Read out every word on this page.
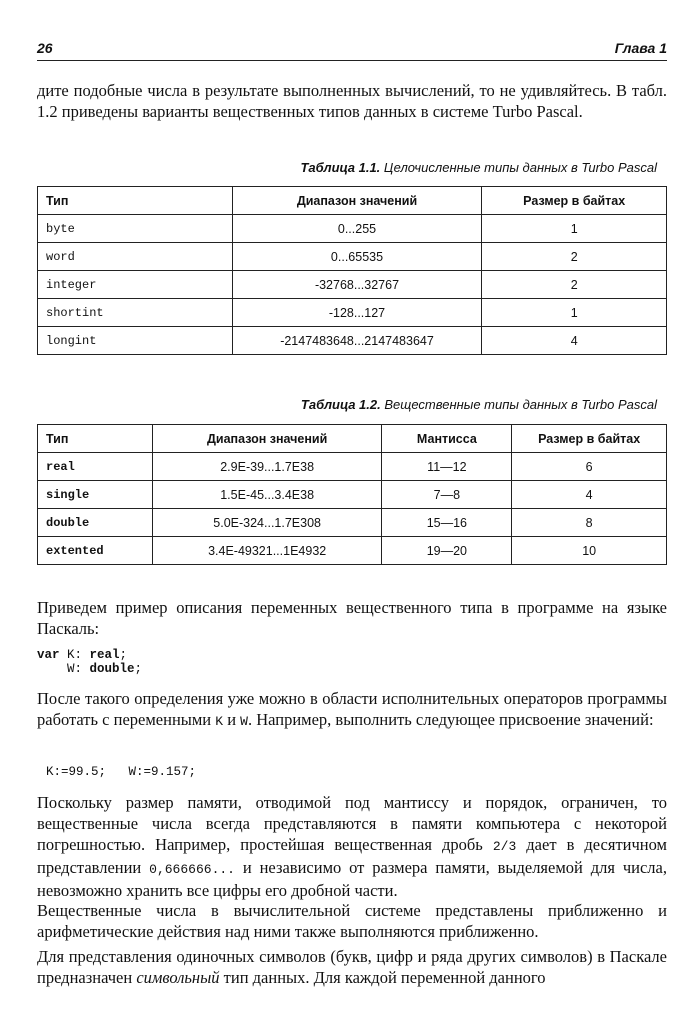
26	Глава 1

дите подобные числа в результате выполненных вычислений, то не удивляйтесь. В табл. 1.2 приведены варианты вещественных типов данных в системе Turbo Pascal.

Таблица 1.1. Целочисленные типы данных в Turbo Pascal
Тип	Диапазон значений	Размер в байтах
byte	0...255	1
word	0...65535	2
integer	-32768...32767	2
shortint	-128...127	1
longint	-2147483648...2147483647	4
Таблица 1.2. Вещественные типы данных в Turbo Pascal
Тип	Диапазон значений	Мантисса	Размер в байтах
real	2.9E-39...1.7E38	11—12	6
single	1.5E-45...3.4E38	7—8	4
double	5.0E-324...1.7E308	15—16	8
extented	3.4E-49321...1E4932	19—20	10

Приведем пример описания переменных вещественного типа в программе на языке Паскаль:

var K: real;
W: double;

После такого определения уже можно в области исполнительных операторов программы работать с переменными K и W. Например, выполнить следующее присвоение значений:

K:=99.5;   W:=9.157;

Поскольку размер памяти, отводимой под мантиссу и порядок, ограничен, то вещественные числа всегда представляются в памяти компьютера с некоторой погрешностью. Например, простейшая вещественная дробь 2/3 дает в десятичном представлении 0,666666... и независимо от размера памяти, выделяемой для числа, невозможно хранить все цифры его дробной части.

Вещественные числа в вычислительной системе представлены приближенно и арифметические действия над ними также выполняются приближенно.

Для представления одиночных символов (букв, цифр и ряда других символов) в Паскале предназначен символьный тип данных. Для каждой переменной данного
